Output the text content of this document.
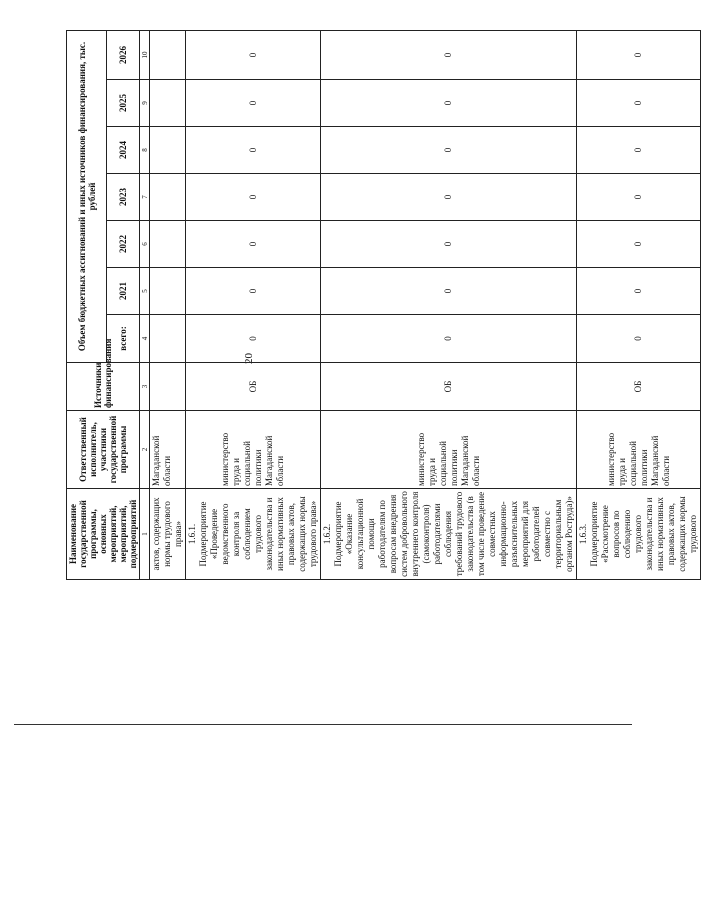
20
Наименование государственной программы, основных мероприятий, мероприятий, подмероприятий	Ответственный исполнитель, участники государственной программы	Источники финансирования	Объем бюджетных ассигнований и иных источников финансирования, тыс. рублей						
			всего:	2021	2022	2023	2024	2025	2026
1	2	3	4	5	6	7	8	9	10
актов, содержащих нормы трудового права»	Магаданской области								
1.6.1. Подмероприятие «Проведение ведомственного контроля за соблюдением трудового законодательства и иных нормативных правовых актов, содержащих нормы трудового права»	министерство труда и социальной политики Магаданской области	ОБ	0	0	0	0	0	0	0
1.6.2. Подмероприятие «Оказание консультационной помощи работодателям по вопросам внедрения систем добровольного внутреннего контроля (самоконтроля) работодателями соблюдения требований трудового законодательства (в том числе проведение совместных информационно-разъяснительных мероприятий для работодателей совместно с территориальным органом Роструда)»	министерство труда и социальной политики Магаданской области	ОБ	0	0	0	0	0	0	0
1.6.3. Подмероприятие «Рассмотрение вопросов по соблюдению трудового законодательства и иных нормативных правовых актов, содержащих нормы трудового	министерство труда и социальной политики Магаданской области	ОБ	0	0	0	0	0	0	0
